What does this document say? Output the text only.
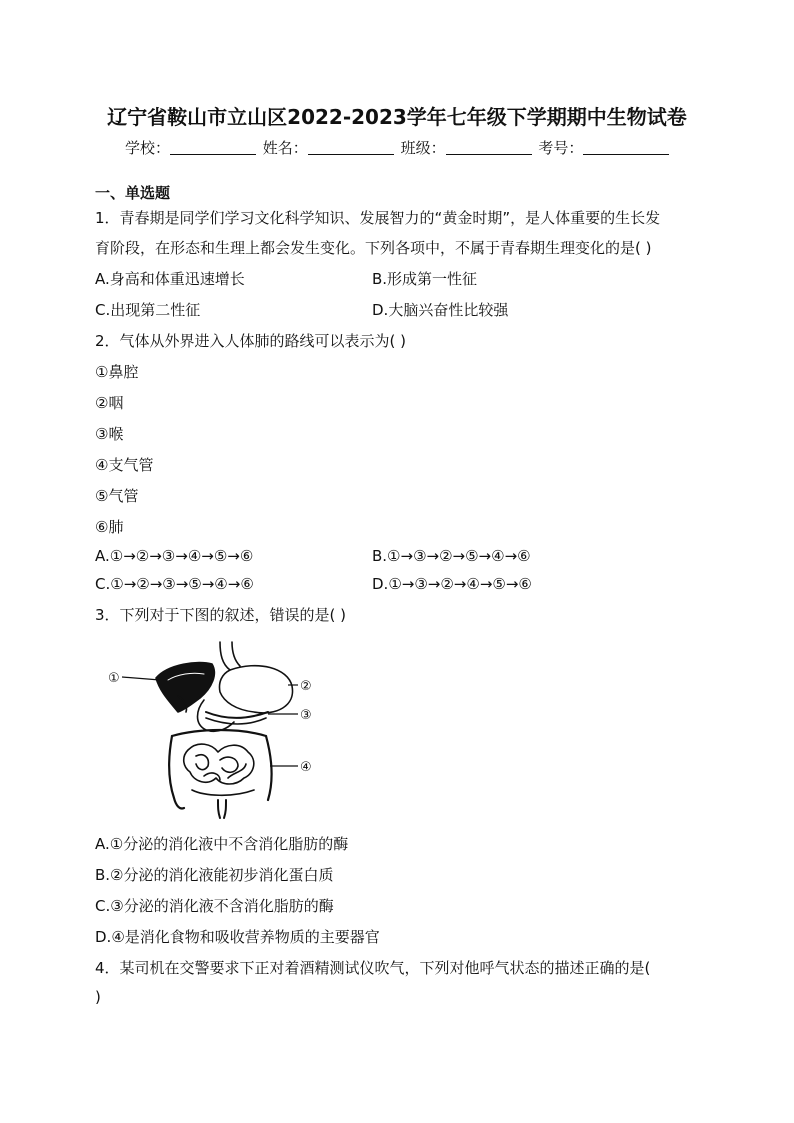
辽宁省鞍山市立山区2022-2023学年七年级下学期期中生物试卷
学校：	姓名：	班级：	考号：
一、单选题
1．青春期是同学们学习文化科学知识、发展智力的“黄金时期”，是人体重要的生长发
育阶段，在形态和生理上都会发生变化。下列各项中，不属于青春期生理变化的是( )
A.身高和体重迅速增长	B.形成第一性征
C.出现第二性征	D.大脑兴奋性比较强
2．气体从外界进入人体肺的路线可以表示为( )
①鼻腔
②咽
③喉
④支气管
⑤气管
⑥肺
A.①→②→③→④→⑤→⑥	B.①→③→②→⑤→④→⑥
C.①→②→③→⑤→④→⑥	D.①→③→②→④→⑤→⑥
3．下列对于下图的叙述，错误的是( )
①
②
③
④
A.①分泌的消化液中不含消化脂肪的酶
B.②分泌的消化液能初步消化蛋白质
C.③分泌的消化液不含消化脂肪的酶
D.④是消化食物和吸收营养物质的主要器官
4．某司机在交警要求下正对着酒精测试仪吹气，下列对他呼气状态的描述正确的是(
)
